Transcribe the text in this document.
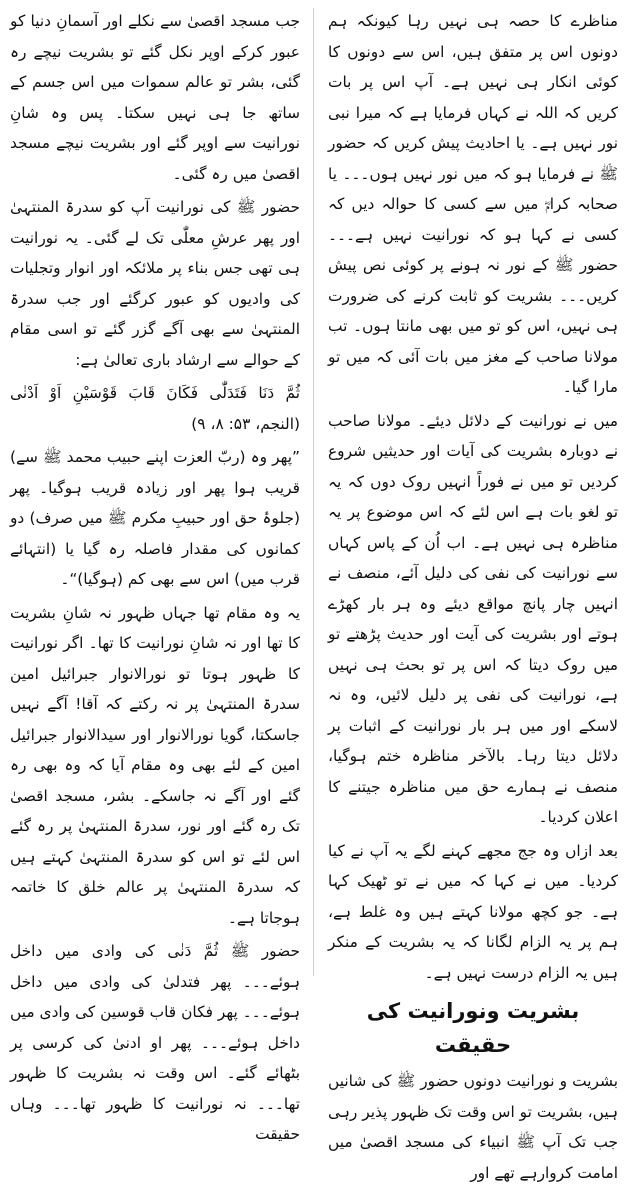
مناظرے کا حصہ ہی نہیں رہا کیونکہ ہم دونوں اس پر متفق ہیں، اس سے دونوں کا کوئی انکار ہی نہیں ہے۔ آپ اس پر بات کریں کہ اللہ نے کہاں فرمایا ہے کہ میرا نبی نور نہیں ہے۔ یا احادیث پیش کریں کہ حضور ﷺ نے فرمایا ہو کہ میں نور نہیں ہوں۔۔۔ یا صحابہ کرامؓ میں سے کسی کا حوالہ دیں کہ کسی نے کہا ہو کہ نورانیت نہیں ہے۔۔۔ حضور ﷺ کے نور نہ ہونے پر کوئی نص پیش کریں۔۔۔ بشریت کو ثابت کرنے کی ضرورت ہی نہیں، اس کو تو میں بھی مانتا ہوں۔ تب مولانا صاحب کے مغز میں بات آئی کہ میں تو مارا گیا۔

میں نے نورانیت کے دلائل دیئے۔ مولانا صاحب نے دوبارہ بشریت کی آیات اور حدیثیں شروع کردیں تو میں نے فوراً انہیں روک دوں کہ یہ تو لغو بات ہے اس لئے کہ اس موضوع پر یہ مناظرہ ہی نہیں ہے۔ اب اُن کے پاس کہاں سے نورانیت کی نفی کی دلیل آئے، منصف نے انہیں چار پانچ مواقع دیئے وہ ہر بار کھڑے ہوتے اور بشریت کی آیت اور حدیث پڑھتے تو میں روک دیتا کہ اس پر تو بحث ہی نہیں ہے، نورانیت کی نفی پر دلیل لائیں، وہ نہ لاسکے اور میں ہر بار نورانیت کے اثبات پر دلائل دیتا رہا۔ بالآخر مناظرہ ختم ہوگیا، منصف نے ہمارے حق میں مناظرہ جیتنے کا اعلان کردیا۔

بعد ازاں وہ جج مجھے کہنے لگے یہ آپ نے کیا کردیا۔ میں نے کہا کہ میں نے تو ٹھیک کہا ہے۔ جو کچھ مولانا کہتے ہیں وہ غلط ہے، ہم پر یہ الزام لگانا کہ یہ بشریت کے منکر ہیں یہ الزام درست نہیں ہے۔

بشریت ونورانیت کی حقیقت

بشریت و نورانیت دونوں حضور ﷺ کی شانیں ہیں، بشریت تو اس وقت تک ظہور پذیر رہی جب تک آپ ﷺ انبیاء کی مسجد اقصیٰ میں امامت کروارہے تھے اور

جب مسجد اقصیٰ سے نکلے اور آسمانِ دنیا کو عبور کرکے اوپر نکل گئے تو بشریت نیچے رہ گئی، بشر تو عالم سموات میں اس جسم کے ساتھ جا ہی نہیں سکتا۔ پس وہ شانِ نورانیت سے اوپر گئے اور بشریت نیچے مسجد اقصیٰ میں رہ گئی۔

حضور ﷺ کی نورانیت آپ کو سدرۃ المنتہیٰ اور پھر عرشِ معلّٰی تک لے گئی۔ یہ نورانیت ہی تھی جس بناء پر ملائکہ اور انوار وتجلیات کی وادیوں کو عبور کرگئے اور جب سدرۃ المنتہیٰ سے بھی آگے گزر گئے تو اسی مقام کے حوالے سے ارشاد باری تعالیٰ ہے:

ثُمَّ دَنَا فَتَدَلّٰی فَكَانَ قَابَ قَوْسَيْنِ اَوْ اَدْنٰی (النجم، ۵۳: ۸، ۹)

”پھر وہ (ربّ العزت اپنے حبیب محمد ﷺ سے) قریب ہوا پھر اور زیادہ قریب ہوگیا۔ پھر (جلوۂ حق اور حبیبِ مکرم ﷺ میں صرف) دو کمانوں کی مقدار فاصلہ رہ گیا یا (انتہائے قرب میں) اس سے بھی کم (ہوگیا)“۔

یہ وہ مقام تھا جہاں ظہور نہ شانِ بشریت کا تھا اور نہ شانِ نورانیت کا تھا۔ اگر نورانیت کا ظہور ہوتا تو نورالانوار جبرائیل امین سدرۃ المنتہیٰ پر نہ رکتے کہ آقا! آگے نہیں جاسکتا، گویا نورالانوار اور سیدالانوار جبرائیل امین کے لئے بھی وہ مقام آیا کہ وہ بھی رہ گئے اور آگے نہ جاسکے۔ بشر، مسجد اقصیٰ تک رہ گئے اور نور، سدرۃ المنتہیٰ پر رہ گئے اس لئے تو اس کو سدرۃ المنتہیٰ کہتے ہیں کہ سدرۃ المنتہیٰ پر عالم خلق کا خاتمہ ہوجاتا ہے۔

حضور ﷺ ثُمَّ دَنٰی کی وادی میں داخل ہوئے۔۔۔ پھر فتدلیٰ کی وادی میں داخل ہوئے۔۔۔ پھر فکان قاب قوسین کی وادی میں داخل ہوئے۔۔۔ پھر او ادنیٰ کی کرسی پر بٹھائے گئے۔ اس وقت نہ بشریت کا ظہور تھا۔۔۔ نہ نورانیت کا ظہور تھا۔۔۔ وہاں حقیقت
